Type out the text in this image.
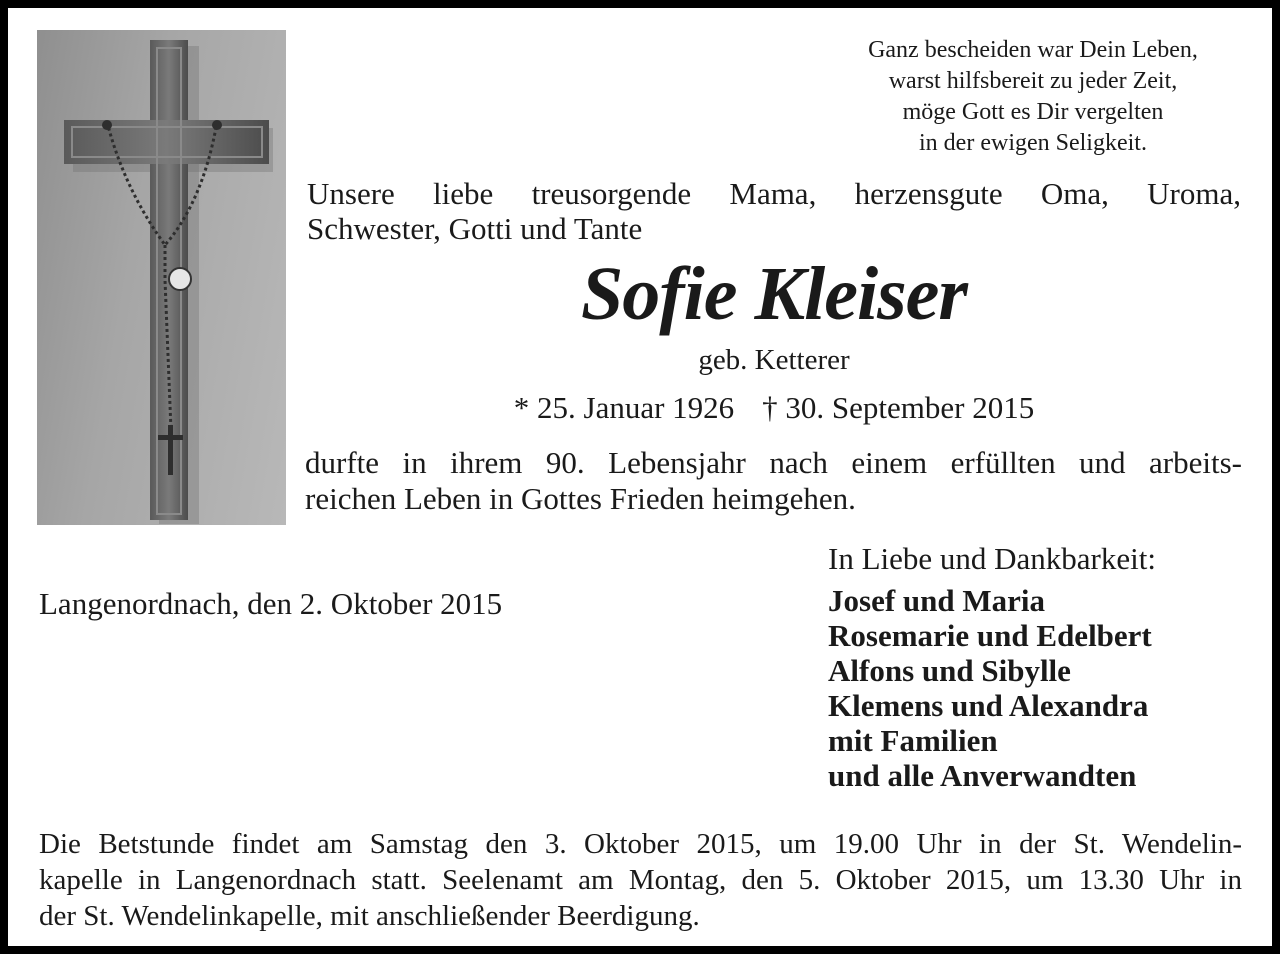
Ganz bescheiden war Dein Leben,
warst hilfsbereit zu jeder Zeit,
möge Gott es Dir vergelten
in der ewigen Seligkeit.
Unsere liebe treusorgende Mama, herzensgute Oma, Uroma,
Schwester, Gotti und Tante
Sofie Kleiser
geb. Ketterer
* 25. Januar 1926 † 30. September 2015
durfte in ihrem 90. Lebensjahr nach einem erfüllten und arbeits-
reichen Leben in Gottes Frieden heimgehen.
Langenordnach, den 2. Oktober 2015
In Liebe und Dankbarkeit:
Josef und Maria
Rosemarie und Edelbert
Alfons und Sibylle
Klemens und Alexandra
mit Familien
und alle Anverwandten
Die Betstunde findet am Samstag den 3. Oktober 2015, um 19.00 Uhr in der St. Wendelin-
kapelle in Langenordnach statt. Seelenamt am Montag, den 5. Oktober 2015, um 13.30 Uhr in
der St. Wendelinkapelle, mit anschließender Beerdigung.
